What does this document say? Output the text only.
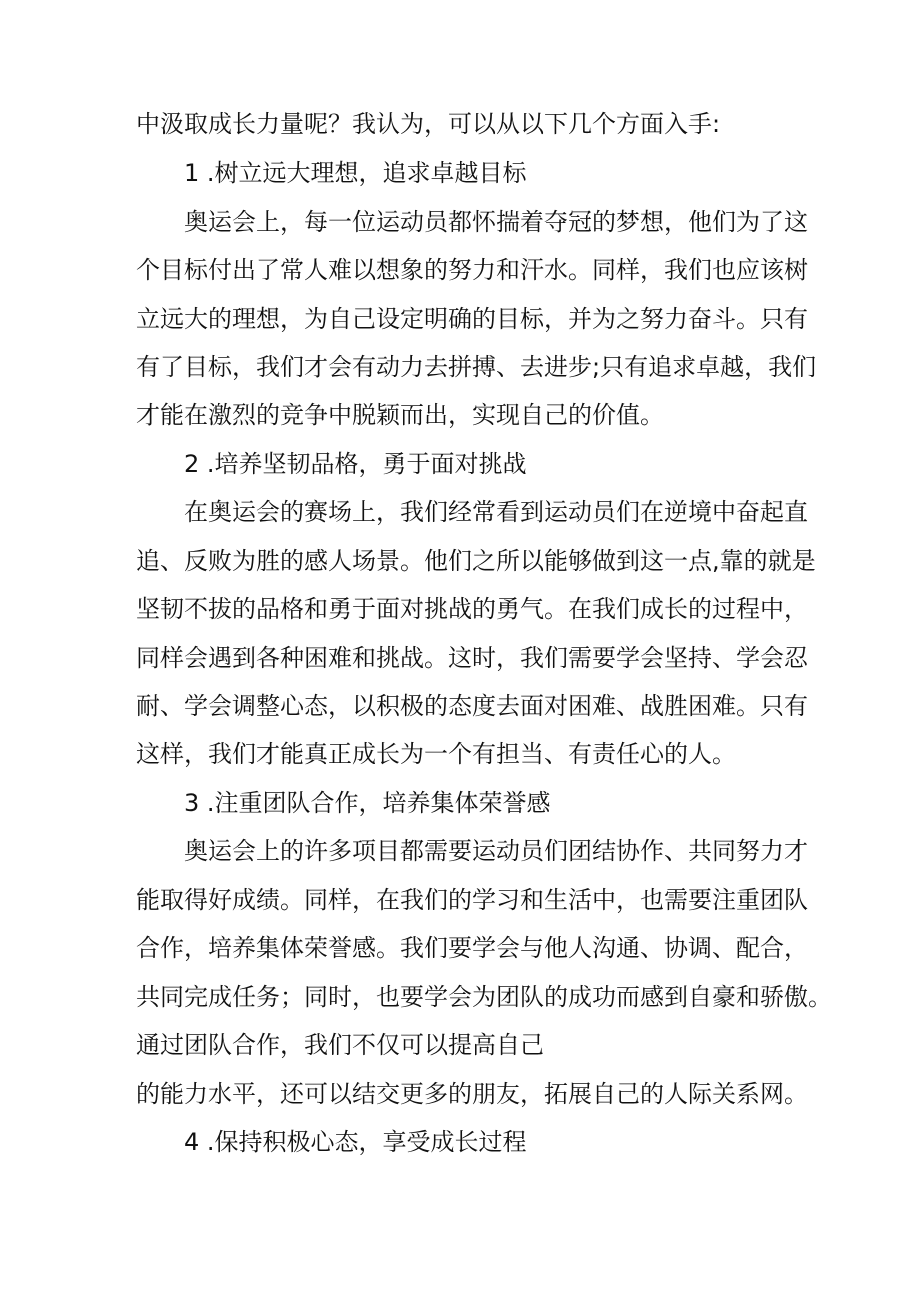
中汲取成长力量呢？我认为，可以从以下几个方面入手:
1 .树立远大理想，追求卓越目标
奥运会上，每一位运动员都怀揣着夺冠的梦想，他们为了这
个目标付出了常人难以想象的努力和汗水。同样，我们也应该树
立远大的理想，为自己设定明确的目标，并为之努力奋斗。只有
有了目标，我们才会有动力去拼搏、去进步;只有追求卓越，我们
才能在激烈的竞争中脱颖而出，实现自己的价值。
2 .培养坚韧品格，勇于面对挑战
在奥运会的赛场上，我们经常看到运动员们在逆境中奋起直
追、反败为胜的感人场景。他们之所以能够做到这一点,靠的就是
坚韧不拔的品格和勇于面对挑战的勇气。在我们成长的过程中，
同样会遇到各种困难和挑战。这时，我们需要学会坚持、学会忍
耐、学会调整心态，以积极的态度去面对困难、战胜困难。只有
这样，我们才能真正成长为一个有担当、有责任心的人。
3 .注重团队合作，培养集体荣誉感
奥运会上的许多项目都需要运动员们团结协作、共同努力才
能取得好成绩。同样，在我们的学习和生活中，也需要注重团队
合作，培养集体荣誉感。我们要学会与他人沟通、协调、配合，
共同完成任务；同时，也要学会为团队的成功而感到自豪和骄傲。
通过团队合作，我们不仅可以提高自己
的能力水平，还可以结交更多的朋友，拓展自己的人际关系网。
4 .保持积极心态，享受成长过程
